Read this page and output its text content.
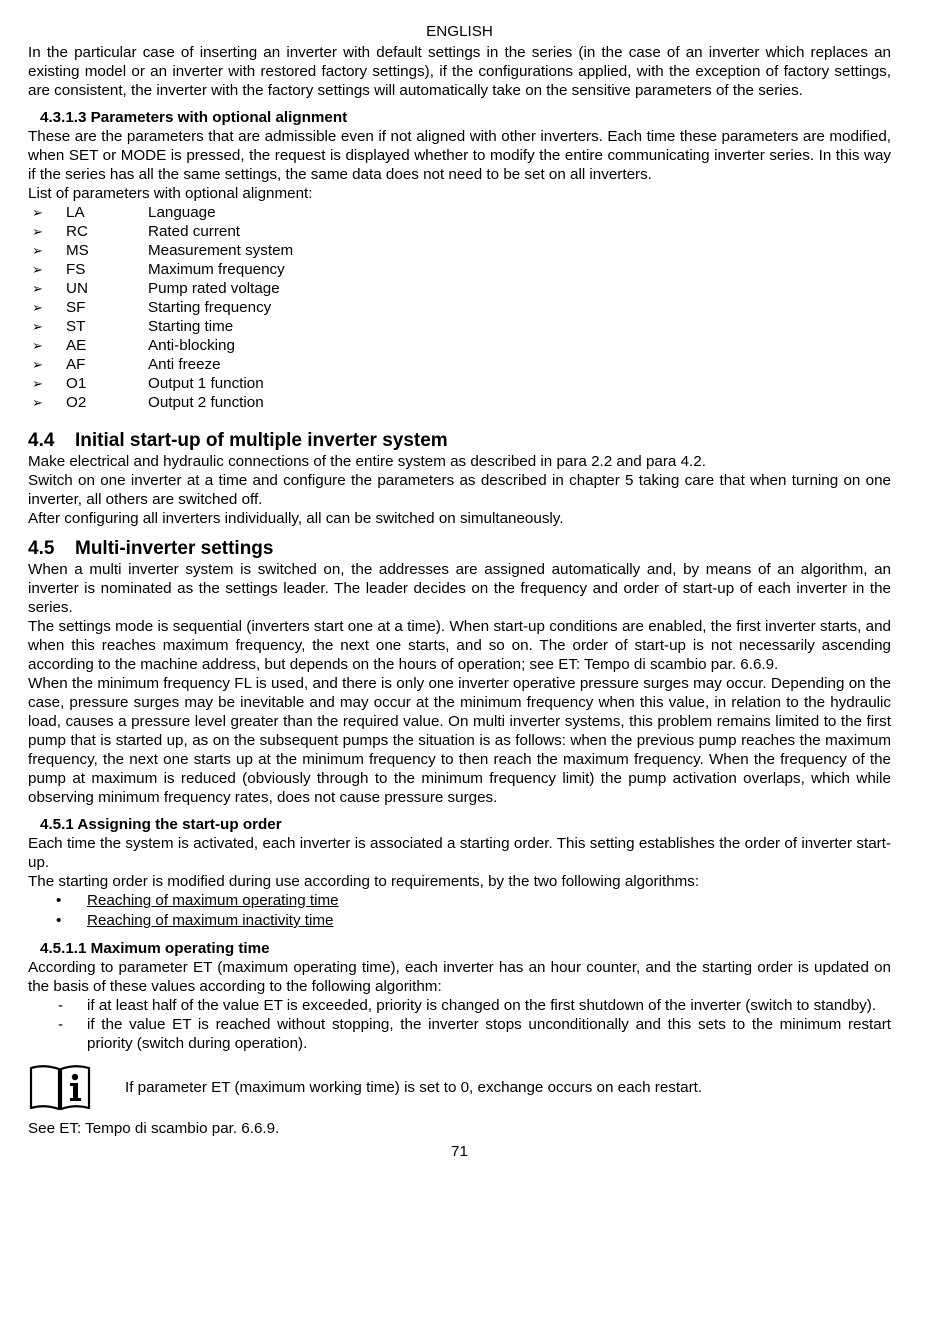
ENGLISH

In the particular case of inserting an inverter with default settings in the series (in the case of an inverter which replaces an existing model or an inverter with restored factory settings), if the configurations applied, with the exception of factory settings, are consistent, the inverter with the factory settings will automatically take on the sensitive parameters of the series.

4.3.1.3 Parameters with optional alignment

These are the parameters that are admissible even if not aligned with other inverters. Each time these parameters are modified, when SET or MODE is pressed, the request is displayed whether to modify the entire communicating inverter series. In this way if the series has all the same settings, the same data does not need to be set on all inverters.

List of parameters with optional alignment:

➢	LA	Language
➢	RC	Rated current
➢	MS	Measurement system
➢	FS	Maximum frequency
➢	UN	Pump rated voltage
➢	SF	Starting frequency
➢	ST	Starting time
➢	AE	Anti-blocking
➢	AF	Anti freeze
➢	O1	Output 1 function
➢	O2	Output 2 function
4.4 Initial start-up of multiple inverter system

Make electrical and hydraulic connections of the entire system as described in para 2.2 and para 4.2.

Switch on one inverter at a time and configure the parameters as described in chapter 5 taking care that when turning on one inverter, all others are switched off.

After configuring all inverters individually, all can be switched on simultaneously.

4.5 Multi-inverter settings

When a multi inverter system is switched on, the addresses are assigned automatically and, by means of an algorithm, an inverter is nominated as the settings leader. The leader decides on the frequency and order of start-up of each inverter in the series.

The settings mode is sequential (inverters start one at a time). When start-up conditions are enabled, the first inverter starts, and when this reaches maximum frequency, the next one starts, and so on. The order of start-up is not necessarily ascending according to the machine address, but depends on the hours of operation; see ET: Tempo di scambio par. 6.6.9.

When the minimum frequency FL is used, and there is only one inverter operative pressure surges may occur. Depending on the case, pressure surges may be inevitable and may occur at the minimum frequency when this value, in relation to the hydraulic load, causes a pressure level greater than the required value. On multi inverter systems, this problem remains limited to the first pump that is started up, as on the subsequent pumps the situation is as follows: when the previous pump reaches the maximum frequency, the next one starts up at the minimum frequency to then reach the maximum frequency. When the frequency of the pump at maximum is reduced (obviously through to the minimum frequency limit) the pump activation overlaps, which while observing minimum frequency rates, does not cause pressure surges.

4.5.1 Assigning the start-up order

Each time the system is activated, each inverter is associated a starting order. This setting establishes the order of inverter start-up.

The starting order is modified during use according to requirements, by the two following algorithms:

•	Reaching of maximum operating time
•	Reaching of maximum inactivity time
4.5.1.1 Maximum operating time

According to parameter ET (maximum operating time), each inverter has an hour counter, and the starting order is updated on the basis of these values according to the following algorithm:

-	if at least half of the value ET is exceeded, priority is changed on the first shutdown of the inverter (switch to standby).
-	if the value ET is reached without stopping, the inverter stops unconditionally and this sets to the minimum restart priority (switch during operation).
If parameter ET (maximum working time) is set to 0, exchange occurs on each restart.

See ET: Tempo di scambio par. 6.6.9.

71
